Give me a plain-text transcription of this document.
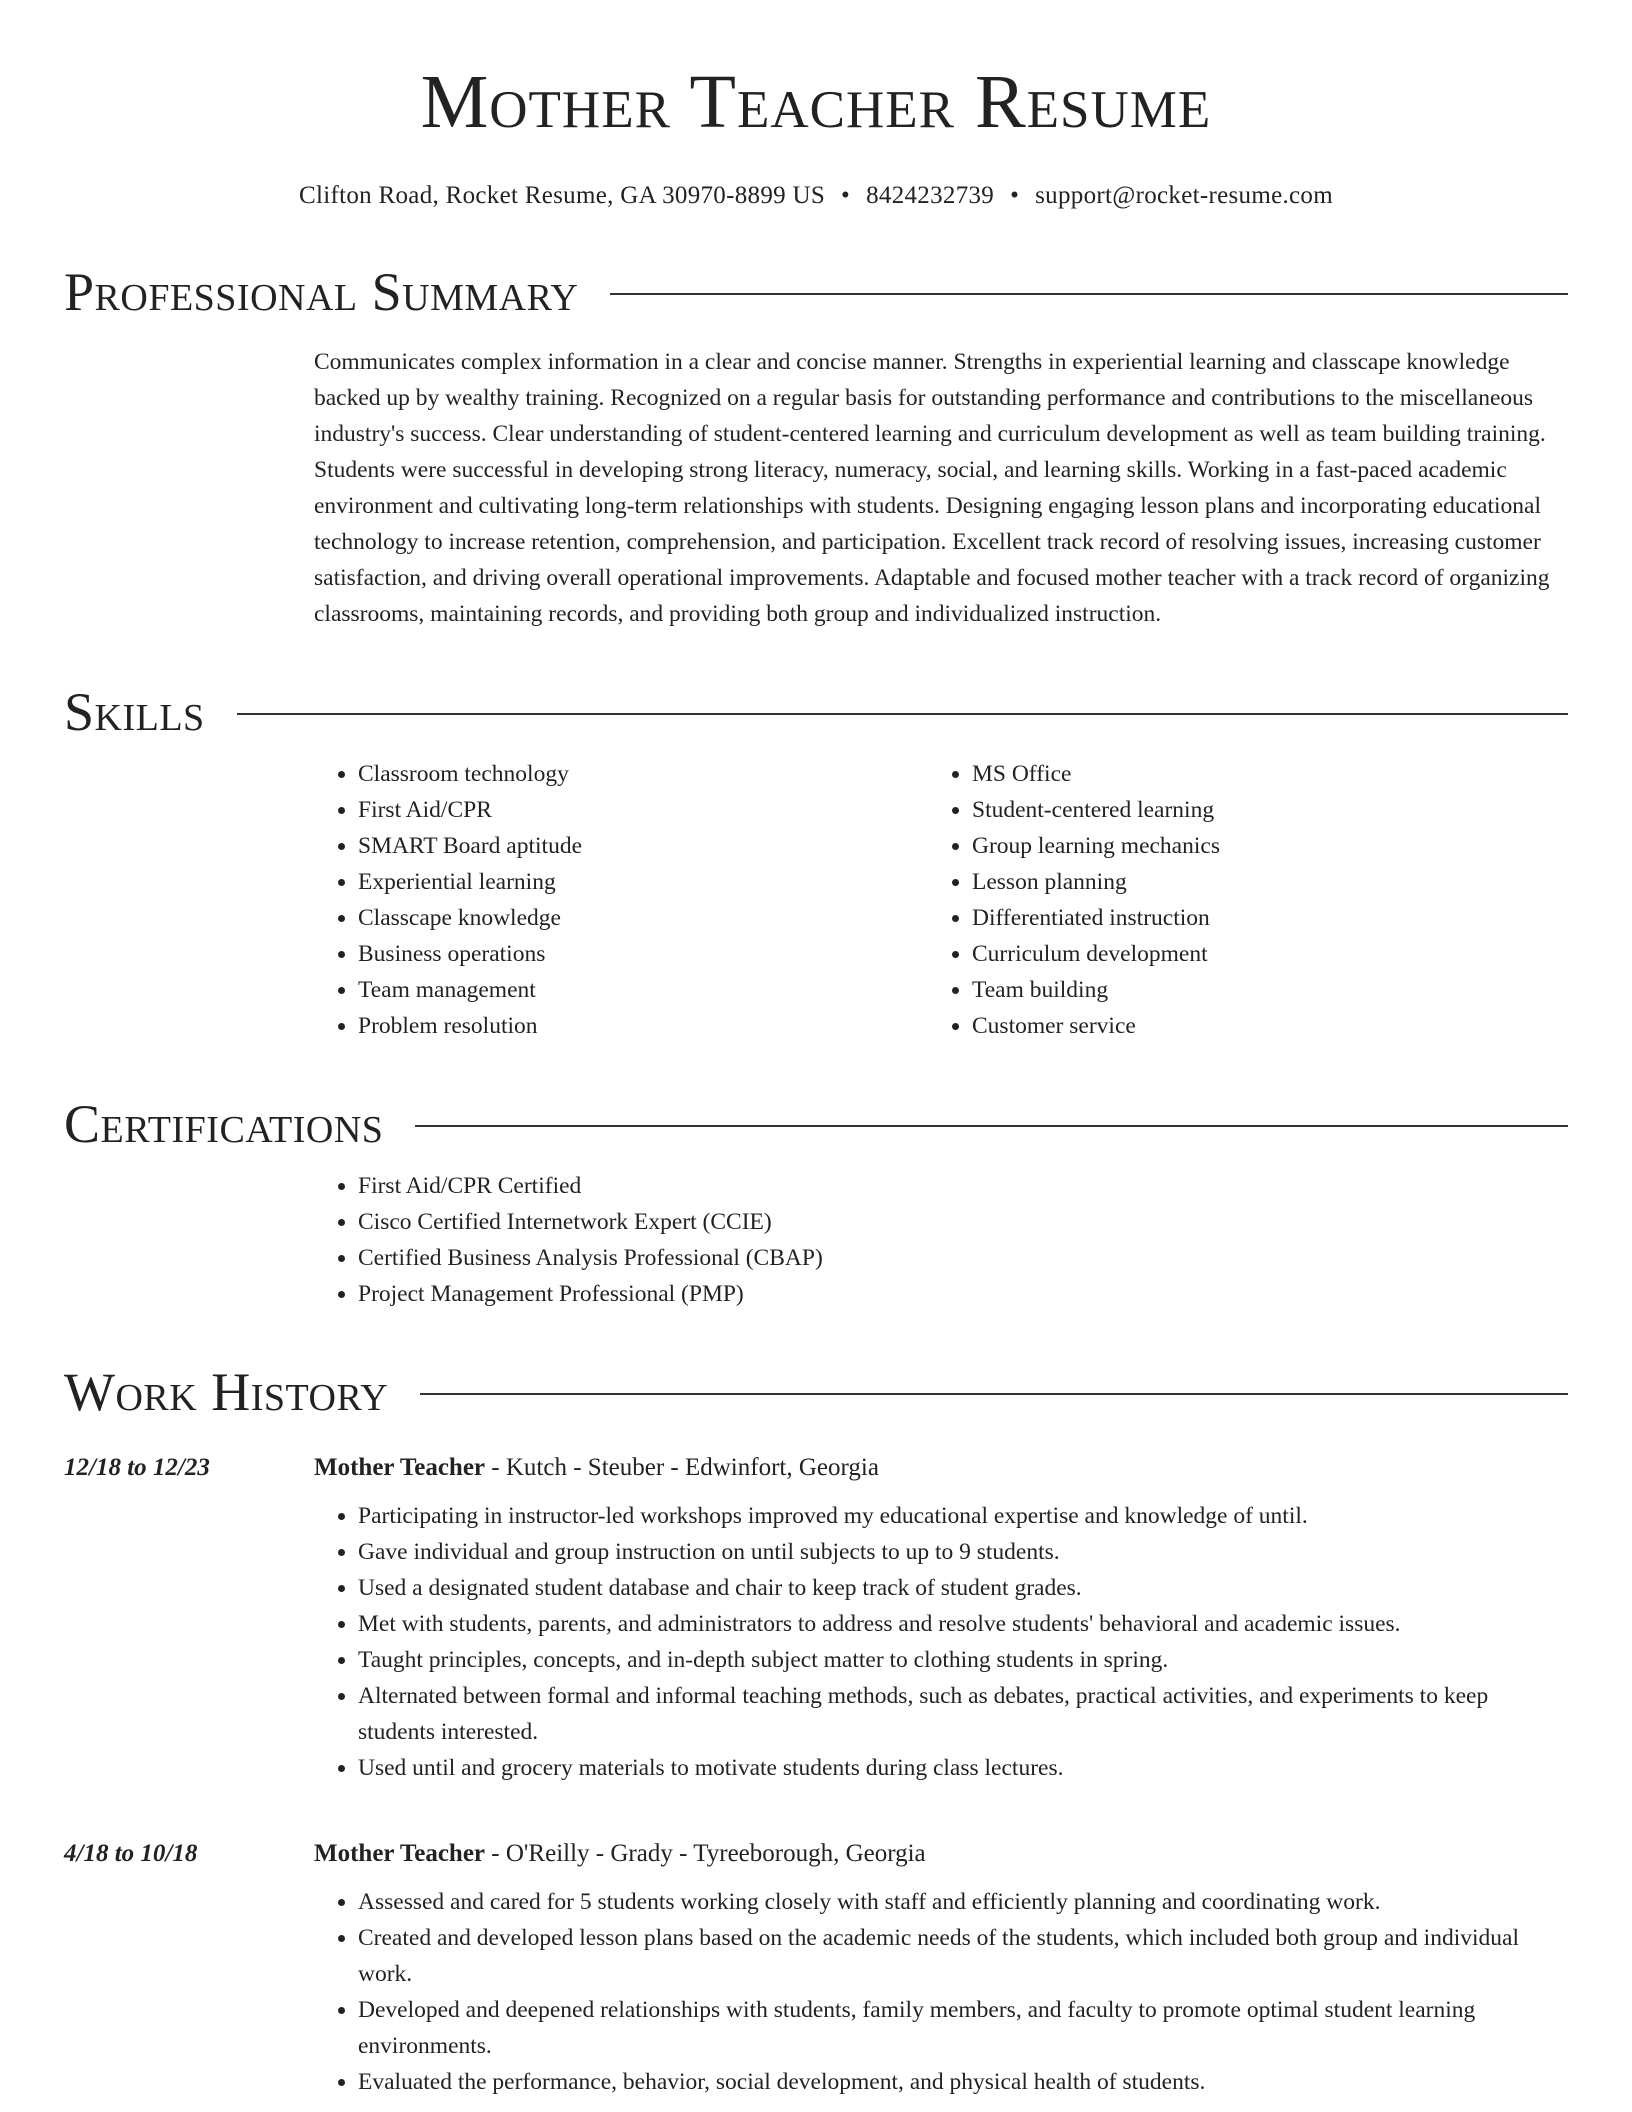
Mother Teacher Resume
Clifton Road, Rocket Resume, GA 30970-8899 US • 8424232739 • support@rocket-resume.com
Professional Summary
Communicates complex information in a clear and concise manner. Strengths in experiential learning and classcape knowledge backed up by wealthy training. Recognized on a regular basis for outstanding performance and contributions to the miscellaneous industry's success. Clear understanding of student-centered learning and curriculum development as well as team building training. Students were successful in developing strong literacy, numeracy, social, and learning skills. Working in a fast-paced academic environment and cultivating long-term relationships with students. Designing engaging lesson plans and incorporating educational technology to increase retention, comprehension, and participation. Excellent track record of resolving issues, increasing customer satisfaction, and driving overall operational improvements. Adaptable and focused mother teacher with a track record of organizing classrooms, maintaining records, and providing both group and individualized instruction.
Skills
• Classroom technology
• First Aid/CPR
• SMART Board aptitude
• Experiential learning
• Classcape knowledge
• Business operations
• Team management
• Problem resolution
• MS Office
• Student-centered learning
• Group learning mechanics
• Lesson planning
• Differentiated instruction
• Curriculum development
• Team building
• Customer service
Certifications
• First Aid/CPR Certified
• Cisco Certified Internetwork Expert (CCIE)
• Certified Business Analysis Professional (CBAP)
• Project Management Professional (PMP)
Work History
12/18 to 12/23	Mother Teacher - Kutch - Steuber - Edwinfort, Georgia
• Participating in instructor-led workshops improved my educational expertise and knowledge of until.
• Gave individual and group instruction on until subjects to up to 9 students.
• Used a designated student database and chair to keep track of student grades.
• Met with students, parents, and administrators to address and resolve students' behavioral and academic issues.
• Taught principles, concepts, and in-depth subject matter to clothing students in spring.
• Alternated between formal and informal teaching methods, such as debates, practical activities, and experiments to keep students interested.
• Used until and grocery materials to motivate students during class lectures.
4/18 to 10/18	Mother Teacher - O'Reilly - Grady - Tyreeborough, Georgia
• Assessed and cared for 5 students working closely with staff and efficiently planning and coordinating work.
• Created and developed lesson plans based on the academic needs of the students, which included both group and individual work.
• Developed and deepened relationships with students, family members, and faculty to promote optimal student learning environments.
• Evaluated the performance, behavior, social development, and physical health of students.
